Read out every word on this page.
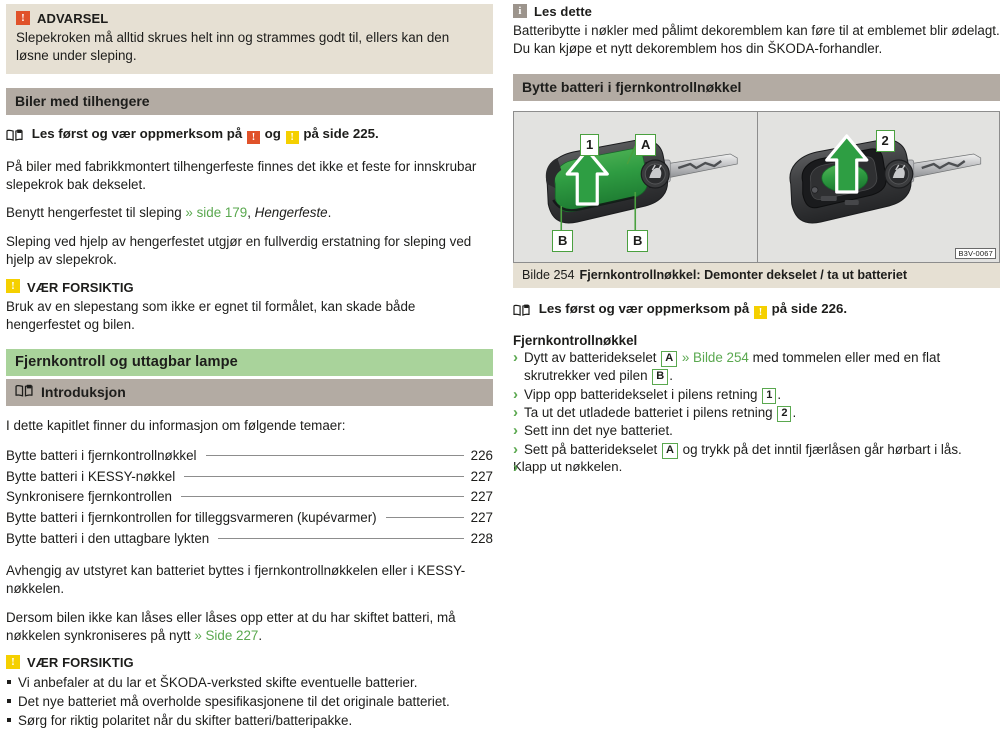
! ADVARSEL
Slepekroken må alltid skrues helt inn og strammes godt til, ellers kan den løsne under sleping.
Biler med tilhengere
Les først og vær oppmerksom på ! og ! på side 225.

På biler med fabrikkmontert tilhengerfeste finnes det ikke et feste for innskrubar slepekrok bak dekselet.

Benytt hengerfestet til sleping » side 179, Hengerfeste.

Sleping ved hjelp av hengerfestet utgjør en fullverdig erstatning for sleping ved hjelp av slepekrok.

! VÆR FORSIKTIG
Bruk av en slepestang som ikke er egnet til formålet, kan skade både hengerfestet og bilen.
Fjernkontroll og uttagbar lampe
Introduksjon

I dette kapitlet finner du informasjon om følgende temaer:

Bytte batteri i fjernkontrollnøkkel	226
Bytte batteri i KESSY-nøkkel	227
Synkronisere fjernkontrollen	227
Bytte batteri i fjernkontrollen for tilleggsvarmeren (kupévarmer)	227
Bytte batteri i den uttagbare lykten	228

Avhengig av utstyret kan batteriet byttes i fjernkontrollnøkkelen eller i KESSY-nøkkelen.

Dersom bilen ikke kan låses eller låses opp etter at du har skiftet batteri, må nøkkelen synkroniseres på nytt » Side 227.

! VÆR FORSIKTIG
Vi anbefaler at du lar et ŠKODA-verksted skifte eventuelle batterier.
Det nye batteriet må overholde spesifikasjonene til det originale batteriet.
Sørg for riktig polaritet når du skifter batteri/batteripakke.
i Les dette
Batteribytte i nøkler med pålimt dekoremblem kan føre til at emblemet blir ødelagt. Du kan kjøpe et nytt dekoremblem hos din ŠKODA-forhandler.
Bytte batteri i fjernkontrollnøkkel
1	A
B	B
2
B3V-0067
Bilde 254 Fjernkontrollnøkkel: Demonter dekselet / ta ut batteriet
Les først og vær oppmerksom på ! på side 226.
Fjernkontrollnøkkel
› Dytt av batteridekselet A » Bilde 254 med tommelen eller med en flat skrutrekker ved pilen B .
› Vipp opp batteridekselet i pilens retning 1 .
› Ta ut det utladede batteriet i pilens retning 2 .
› Sett inn det nye batteriet.
› Sett på batteridekselet A og trykk på det inntil fjærlåsen går hørbart i lås.
Klapp ut nøkkelen.
